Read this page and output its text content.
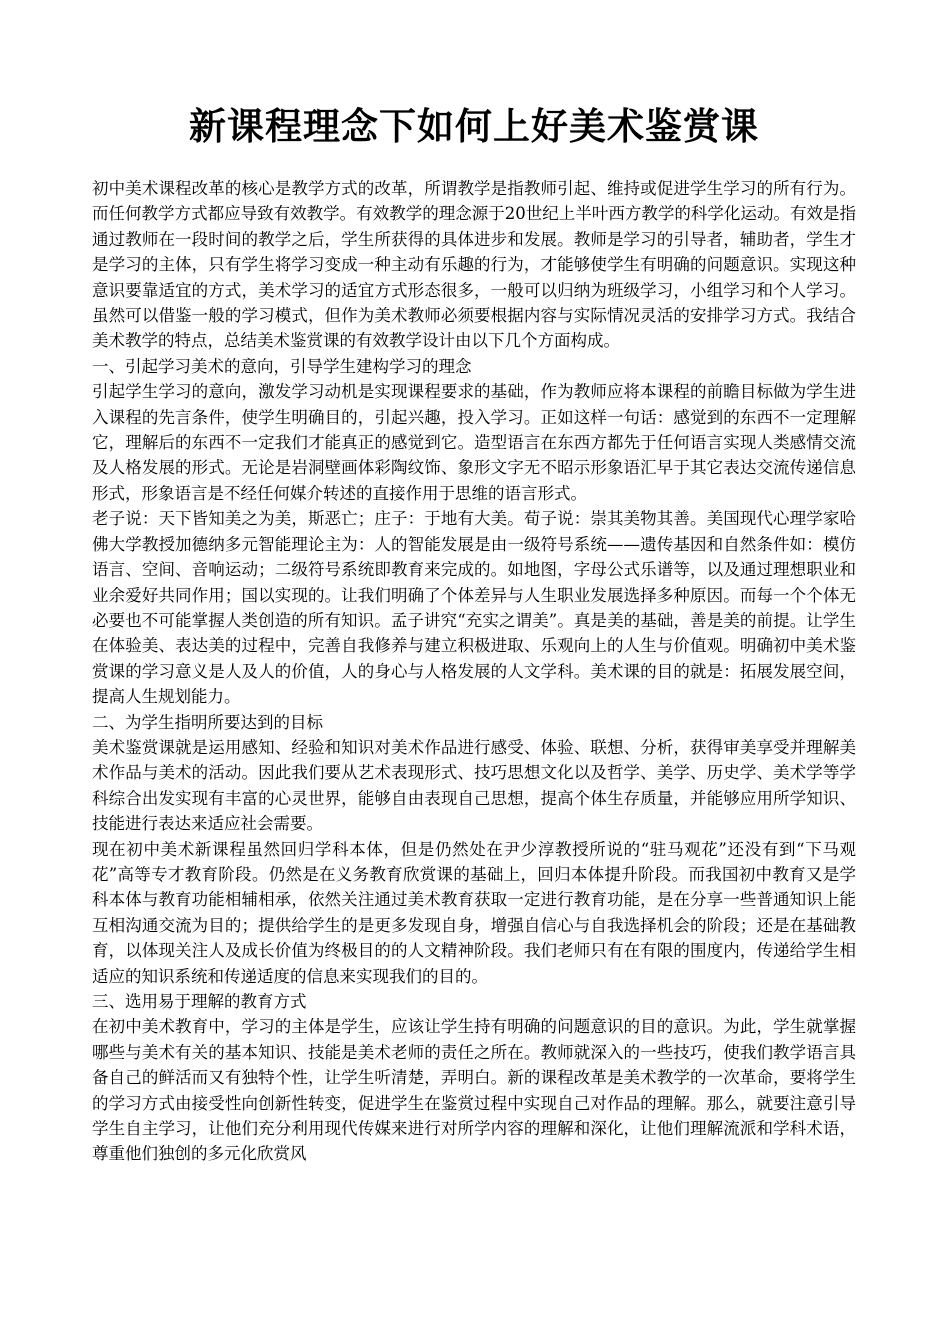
新课程理念下如何上好美术鉴赏课

初中美术课程改革的核心是教学方式的改革，所谓教学是指教师引起、维持或促进学生学习的所有行为。而任何教学方式都应导致有效教学。有效教学的理念源于20世纪上半叶西方教学的科学化运动。有效是指通过教师在一段时间的教学之后，学生所获得的具体进步和发展。教师是学习的引导者，辅助者，学生才是学习的主体，只有学生将学习变成一种主动有乐趣的行为，才能够使学生有明确的问题意识。实现这种意识要靠适宜的方式，美术学习的适宜方式形态很多，一般可以归纳为班级学习，小组学习和个人学习。虽然可以借鉴一般的学习模式，但作为美术教师必须要根据内容与实际情况灵活的安排学习方式。我结合美术教学的特点，总结美术鉴赏课的有效教学设计由以下几个方面构成。

一、引起学习美术的意向，引导学生建构学习的理念

引起学生学习的意向，激发学习动机是实现课程要求的基础，作为教师应将本课程的前瞻目标做为学生进入课程的先言条件，使学生明确目的，引起兴趣，投入学习。正如这样一句话：感觉到的东西不一定理解它，理解后的东西不一定我们才能真正的感觉到它。造型语言在东西方都先于任何语言实现人类感情交流及人格发展的形式。无论是岩洞壁画体彩陶纹饰、象形文字无不昭示形象语汇早于其它表达交流传递信息形式，形象语言是不经任何媒介转述的直接作用于思维的语言形式。

老子说：天下皆知美之为美，斯恶亡；庄子：于地有大美。荀子说：崇其美物其善。美国现代心理学家哈佛大学教授加德纳多元智能理论主为：人的智能发展是由一级符号系统——遗传基因和自然条件如：模仿语言、空间、音响运动；二级符号系统即教育来完成的。如地图，字母公式乐谱等，以及通过理想职业和业余爱好共同作用；国以实现的。让我们明确了个体差异与人生职业发展选择多种原因。而每一个个体无必要也不可能掌握人类创造的所有知识。孟子讲究“充实之谓美”。真是美的基础，善是美的前提。让学生在体验美、表达美的过程中，完善自我修养与建立积极进取、乐观向上的人生与价值观。明确初中美术鉴赏课的学习意义是人及人的价值，人的身心与人格发展的人文学科。美术课的目的就是：拓展发展空间，提高人生规划能力。

二、为学生指明所要达到的目标

美术鉴赏课就是运用感知、经验和知识对美术作品进行感受、体验、联想、分析，获得审美享受并理解美术作品与美术的活动。因此我们要从艺术表现形式、技巧思想文化以及哲学、美学、历史学、美术学等学科综合出发实现有丰富的心灵世界，能够自由表现自己思想，提高个体生存质量，并能够应用所学知识、技能进行表达来适应社会需要。

现在初中美术新课程虽然回归学科本体，但是仍然处在尹少淳教授所说的“驻马观花”还没有到“下马观花”高等专才教育阶段。仍然是在义务教育欣赏课的基础上，回归本体提升阶段。而我国初中教育又是学科本体与教育功能相辅相承，依然关注通过美术教育获取一定进行教育功能，是在分享一些普通知识上能互相沟通交流为目的；提供给学生的是更多发现自身，增强自信心与自我选择机会的阶段；还是在基础教育，以体现关注人及成长价值为终极目的的人文精神阶段。我们老师只有在有限的围度内，传递给学生相适应的知识系统和传递适度的信息来实现我们的目的。

三、选用易于理解的教育方式

在初中美术教育中，学习的主体是学生，应该让学生持有明确的问题意识的目的意识。为此，学生就掌握哪些与美术有关的基本知识、技能是美术老师的责任之所在。教师就深入的一些技巧，使我们教学语言具备自己的鲜活而又有独特个性，让学生听清楚，弄明白。新的课程改革是美术教学的一次革命，要将学生的学习方式由接受性向创新性转变，促进学生在鉴赏过程中实现自己对作品的理解。那么，就要注意引导学生自主学习，让他们充分利用现代传媒来进行对所学内容的理解和深化，让他们理解流派和学科术语，尊重他们独创的多元化欣赏风
